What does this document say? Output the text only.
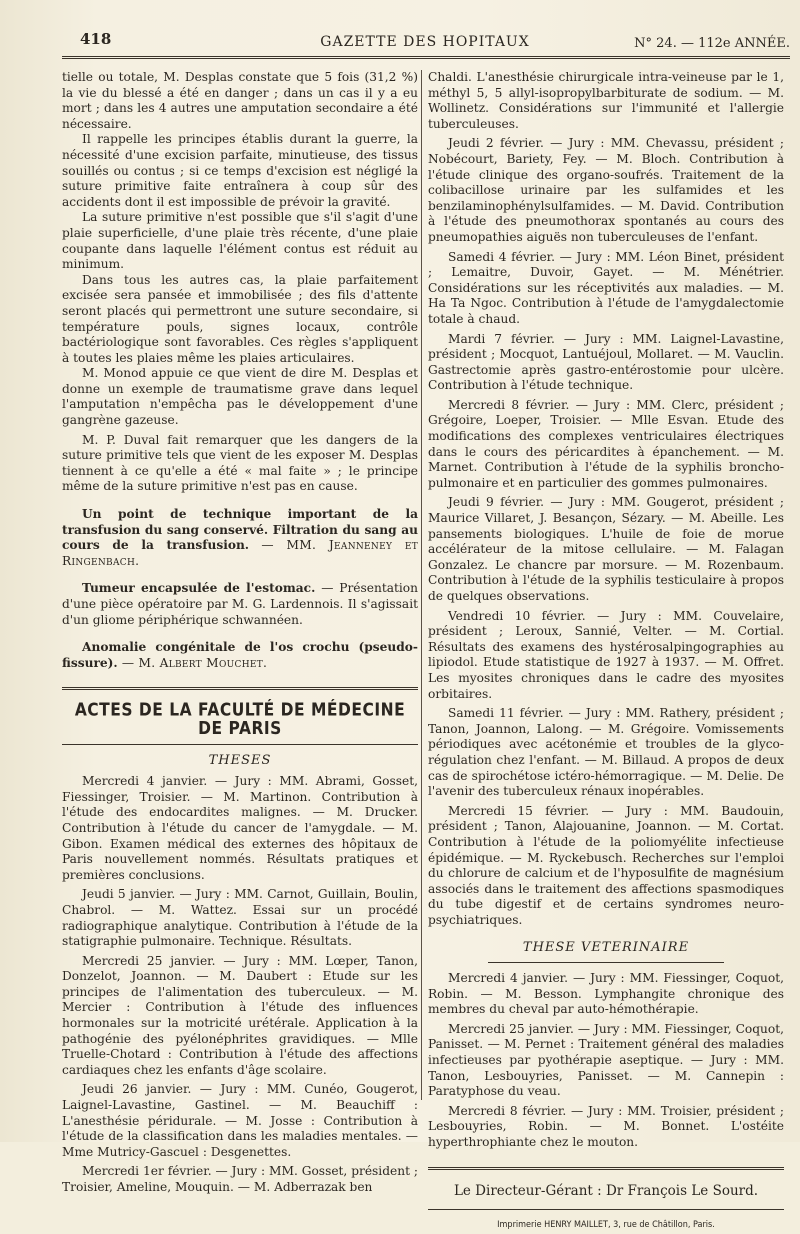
418	GAZETTE DES HOPITAUX	N° 24. — 112e ANNÉE.

tielle ou totale, M. Desplas constate que 5 fois (31,2 %) la vie du blessé a été en danger ; dans un cas il y a eu mort ; dans les 4 autres une amputation secondaire a été nécessaire.

Il rappelle les principes établis durant la guerre, la nécessité d'une excision parfaite, minutieuse, des tissus souillés ou contus ; si ce temps d'excision est négligé la suture primitive faite entraînera à coup sûr des accidents dont il est impossible de prévoir la gravité.

La suture primitive n'est possible que s'il s'agit d'une plaie superficielle, d'une plaie très récente, d'une plaie coupante dans laquelle l'élément contus est réduit au minimum.

Dans tous les autres cas, la plaie parfaitement excisée sera pansée et immobilisée ; des fils d'attente seront placés qui permettront une suture secondaire, si température pouls, signes locaux, contrôle bactériologique sont favorables. Ces règles s'appliquent à toutes les plaies même les plaies articulaires.

M. Monod appuie ce que vient de dire M. Desplas et donne un exemple de traumatisme grave dans lequel l'amputation n'empêcha pas le développement d'une gangrène gazeuse.

M. P. Duval fait remarquer que les dangers de la suture primitive tels que vient de les exposer M. Desplas tiennent à ce qu'elle a été « mal faite » ; le principe même de la suture primitive n'est pas en cause.

Un point de technique important de la transfusion du sang conservé. Filtration du sang au cours de la transfusion. — MM. Jeanneney et Ringenbach.

Tumeur encapsulée de l'estomac. — Présentation d'une pièce opératoire par M. G. Lardennois. Il s'agissait d'un gliome périphérique schwannéen.

Anomalie congénitale de l'os crochu (pseudo-fissure). — M. Albert Mouchet.

ACTES DE LA FACULTÉ DE MÉDECINE DE PARIS
THESES

Mercredi 4 janvier. — Jury : MM. Abrami, Gosset, Fiessinger, Troisier. — M. Martinon. Contribution à l'étude des endocardites malignes. — M. Drucker. Contribution à l'étude du cancer de l'amygdale. — M. Gibon. Examen médical des externes des hôpitaux de Paris nouvellement nommés. Résultats pratiques et premières conclusions.

Jeudi 5 janvier. — Jury : MM. Carnot, Guillain, Boulin, Chabrol. — M. Wattez. Essai sur un procédé radiographique analytique. Contribution à l'étude de la statigraphie pulmonaire. Technique. Résultats.

Mercredi 25 janvier. — Jury : MM. Lœper, Tanon, Donzelot, Joannon. — M. Daubert : Etude sur les principes de l'alimentation des tuberculeux. — M. Mercier : Contribution à l'étude des influences hormonales sur la motricité urétérale. Application à la pathogénie des pyélonéphrites gravidiques. — Mlle Truelle-Chotard : Contribution à l'étude des affections cardiaques chez les enfants d'âge scolaire.

Jeudi 26 janvier. — Jury : MM. Cunéo, Gougerot, Laignel-Lavastine, Gastinel. — M. Beauchiff : L'anesthésie péridurale. — M. Josse : Contribution à l'étude de la classification dans les maladies mentales. — Mme Mutricy-Gascuel : Desgenettes.

Mercredi 1er février. — Jury : MM. Gosset, président ; Troisier, Ameline, Mouquin. — M. Adberrazak ben

Chaldi. L'anesthésie chirurgicale intra-veineuse par le 1, méthyl 5, 5 allyl-isopropylbarbiturate de sodium. — M. Wollinetz. Considérations sur l'immunité et l'allergie tuberculeuses.

Jeudi 2 février. — Jury : MM. Chevassu, président ; Nobécourt, Bariety, Fey. — M. Bloch. Contribution à l'étude clinique des organo-soufrés. Traitement de la colibacillose urinaire par les sulfamides et les benzilaminophénylsulfamides. — M. David. Contribution à l'étude des pneumothorax spontanés au cours des pneumopathies aiguës non tuberculeuses de l'enfant.

Samedi 4 février. — Jury : MM. Léon Binet, président ; Lemaitre, Duvoir, Gayet. — M. Ménétrier. Considérations sur les réceptivités aux maladies. — M. Ha Ta Ngoc. Contribution à l'étude de l'amygdalectomie totale à chaud.

Mardi 7 février. — Jury : MM. Laignel-Lavastine, président ; Mocquot, Lantuéjoul, Mollaret. — M. Vauclin. Gastrectomie après gastro-entérostomie pour ulcère. Contribution à l'étude technique.

Mercredi 8 février. — Jury : MM. Clerc, président ; Grégoire, Loeper, Troisier. — Mlle Esvan. Etude des modifications des complexes ventriculaires électriques dans le cours des péricardites à épanchement. — M. Marnet. Contribution à l'étude de la syphilis broncho-pulmonaire et en particulier des gommes pulmonaires.

Jeudi 9 février. — Jury : MM. Gougerot, président ; Maurice Villaret, J. Besançon, Sézary. — M. Abeille. Les pansements biologiques. L'huile de foie de morue accélérateur de la mitose cellulaire. — M. Falagan Gonzalez. Le chancre par morsure. — M. Rozenbaum. Contribution à l'étude de la syphilis testiculaire à propos de quelques observations.

Vendredi 10 février. — Jury : MM. Couvelaire, président ; Leroux, Sannié, Velter. — M. Cortial. Résultats des examens des hystérosalpingographies au lipiodol. Etude statistique de 1927 à 1937. — M. Offret. Les myosites chroniques dans le cadre des myosites orbitaires.

Samedi 11 février. — Jury : MM. Rathery, président ; Tanon, Joannon, Lalong. — M. Grégoire. Vomissements périodiques avec acétonémie et troubles de la glyco-régulation chez l'enfant. — M. Billaud. A propos de deux cas de spirochétose ictéro-hémorragique. — M. Delie. De l'avenir des tuberculeux rénaux inopérables.

Mercredi 15 février. — Jury : MM. Baudouin, président ; Tanon, Alajouanine, Joannon. — M. Cortat. Contribution à l'étude de la poliomyélite infectieuse épidémique. — M. Ryckebusch. Recherches sur l'emploi du chlorure de calcium et de l'hyposulfite de magnésium associés dans le traitement des affections spasmodiques du tube digestif et de certains syndromes neuro-psychiatriques.

THESE VETERINAIRE

Mercredi 4 janvier. — Jury : MM. Fiessinger, Coquot, Robin. — M. Besson. Lymphangite chronique des membres du cheval par auto-hémothérapie.

Mercredi 25 janvier. — Jury : MM. Fiessinger, Coquot, Panisset. — M. Pernet : Traitement général des maladies infectieuses par pyothérapie aseptique. — Jury : MM. Tanon, Lesbouyries, Panisset. — M. Cannepin : Paratyphose du veau.

Mercredi 8 février. — Jury : MM. Troisier, président ; Lesbouyries, Robin. — M. Bonnet. L'ostéite hyperthrophiante chez le mouton.

Le Directeur-Gérant : Dr François Le Sourd.
Imprimerie HENRY MAILLET, 3, rue de Châtillon, Paris.
